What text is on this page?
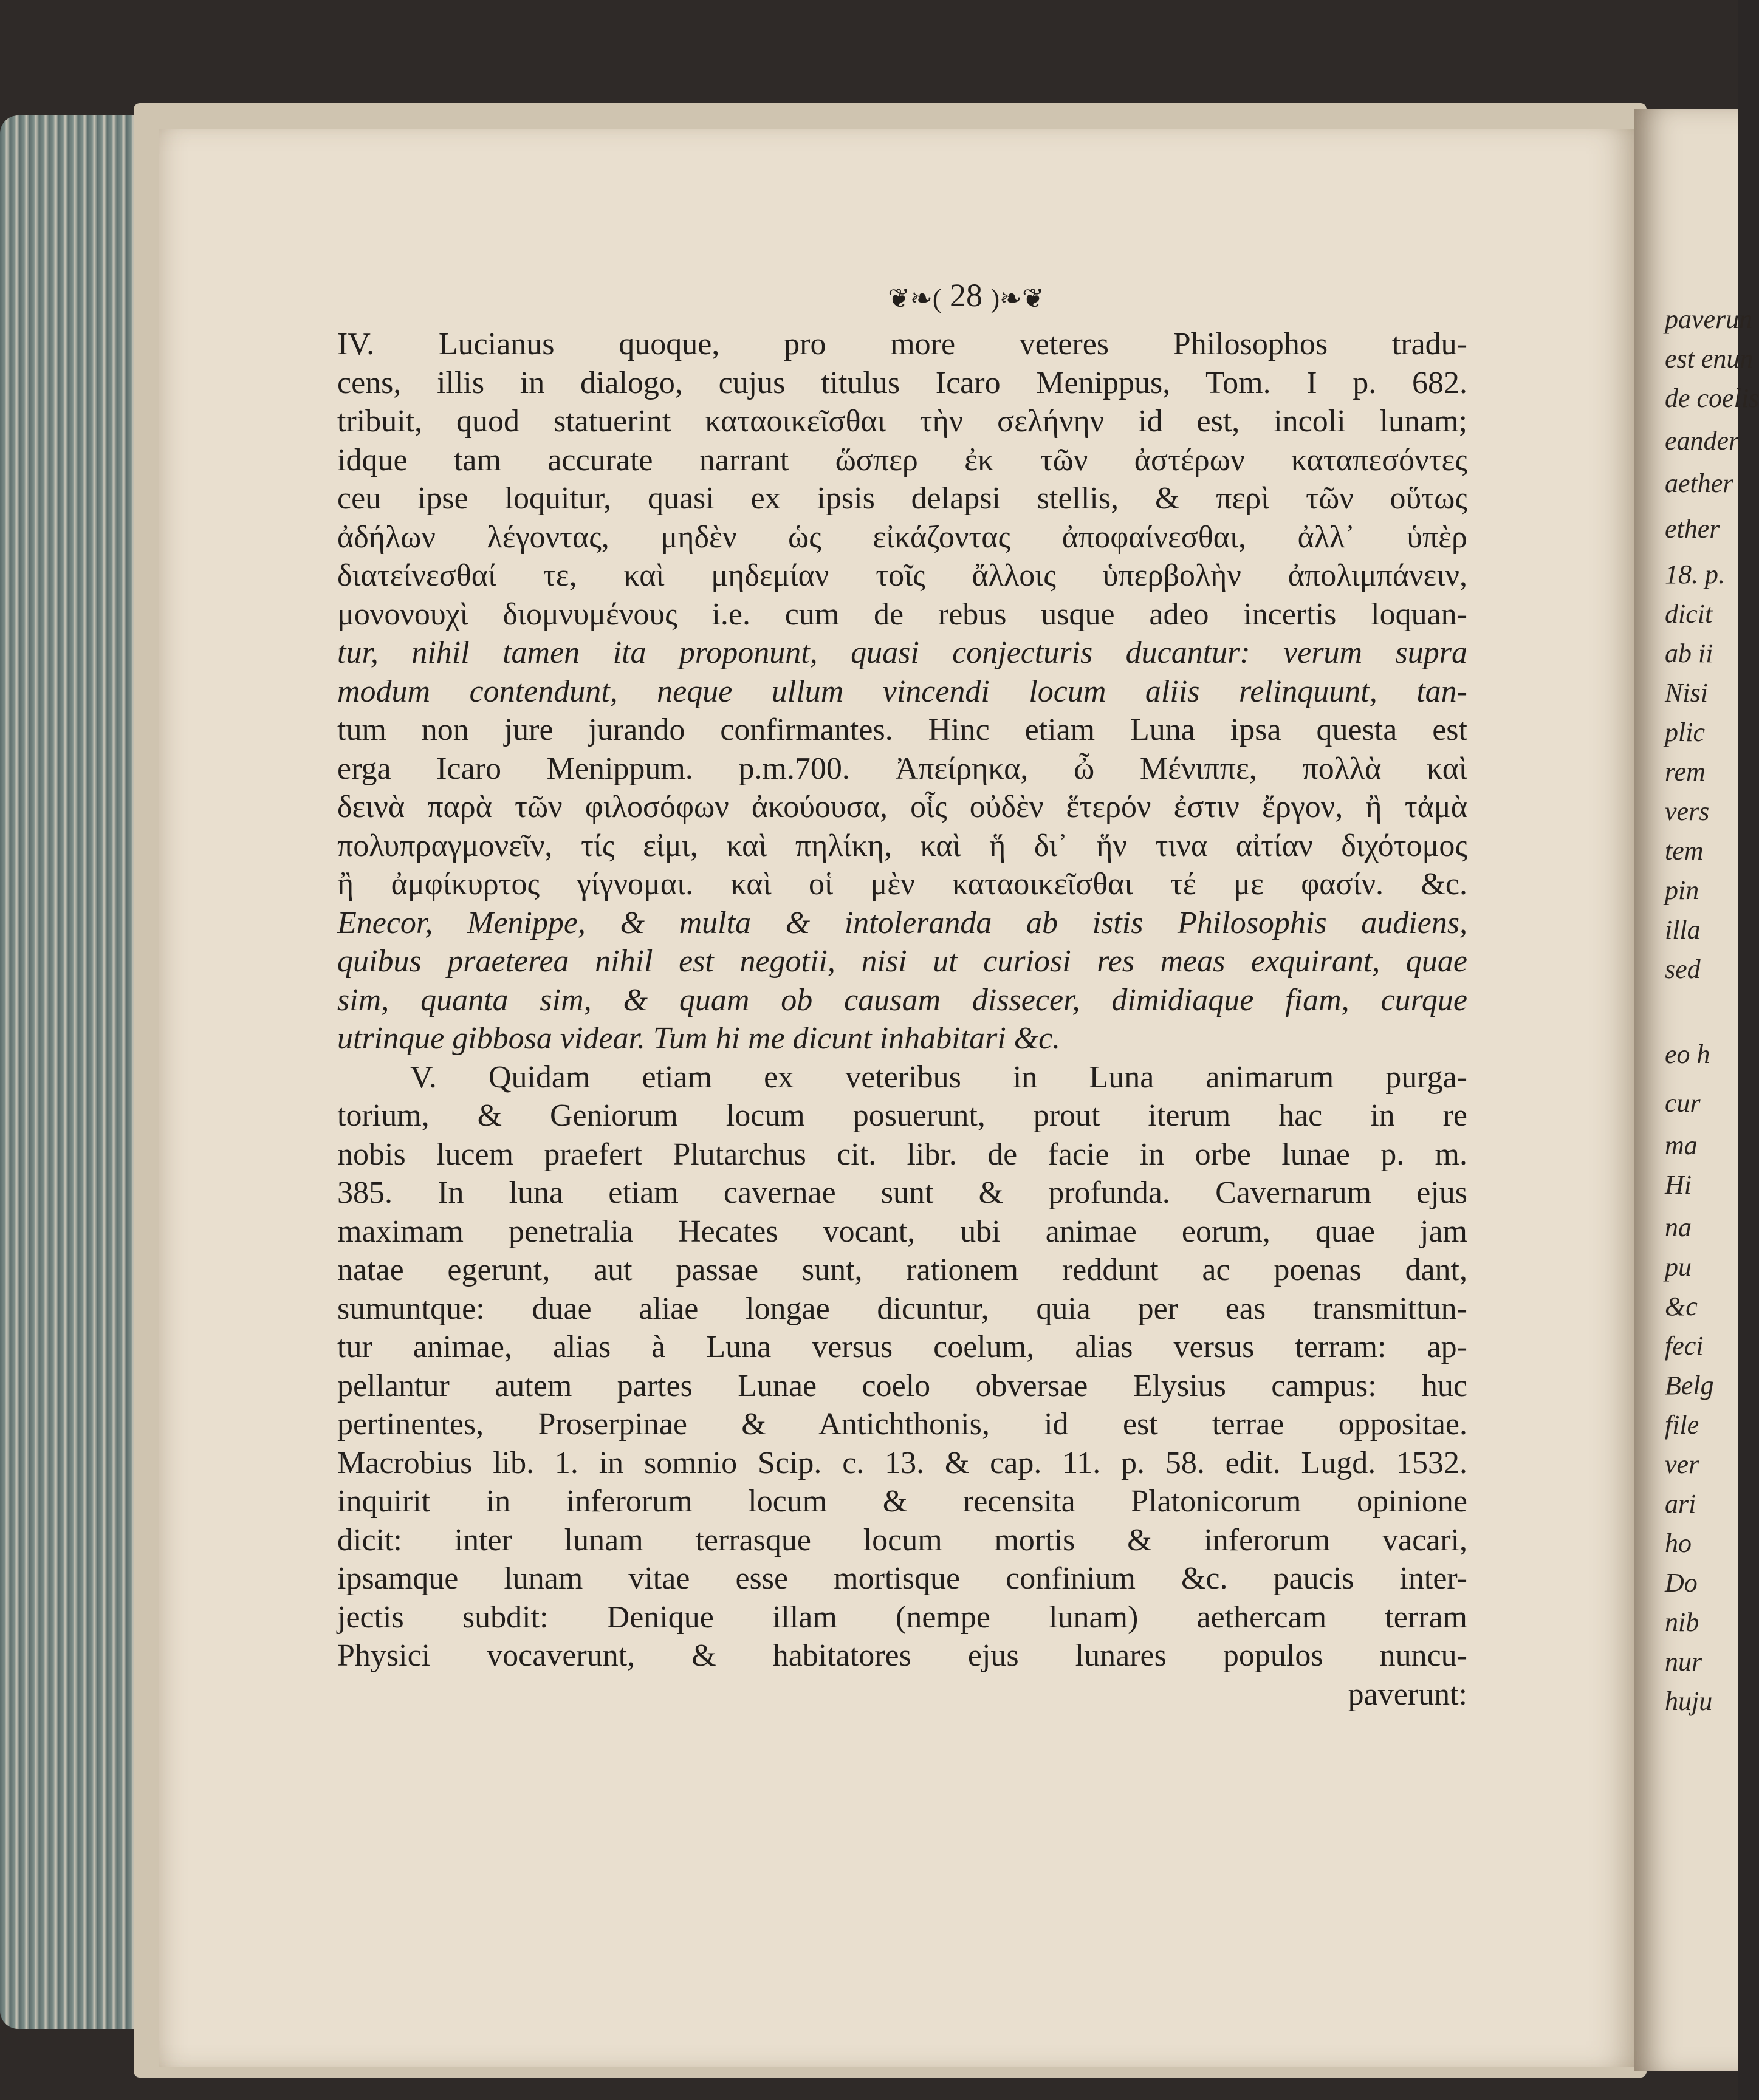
❦❧( 28 )❧❦
IV. Lucianus quoque, pro more veteres Philosophos tradu-
cens, illis in dialogo, cujus titulus Icaro Menippus, Tom. I p. 682.
tribuit, quod statuerint καταοικεῖσθαι τὴν σελήνην id est, incoli lunam;
idque tam accurate narrant ὥσπερ ἐκ τῶν ἀστέρων καταπεσόντες
ceu ipse loquitur, quasi ex ipsis delapsi stellis, & περὶ τῶν οὕτως
ἀδήλων λέγοντας, μηδὲν ὡς εἰκάζοντας ἀποφαίνεσθαι, ἀλλ᾽ ὑπὲρ
διατείνεσθαί τε, καὶ μηδεμίαν τοῖς ἄλλοις ὑπερβολὴν ἀπολιμπάνειν,
μονονουχὶ διομνυμένους i.e. cum de rebus usque adeo incertis loquan-
tur, nihil tamen ita proponunt, quasi conjecturis ducantur: verum supra
modum contendunt, neque ullum vincendi locum aliis relinquunt, tan-
tum non jure jurando confirmantes. Hinc etiam Luna ipsa questa est
erga Icaro Menippum. p.m.700. Ἀπείρηκα, ὦ Μένιππε, πολλὰ καὶ
δεινὰ παρὰ τῶν φιλοσόφων ἀκούουσα, οἷς οὐδὲν ἕτερόν ἐστιν ἔργον, ἢ τἀμὰ
πολυπραγμονεῖν, τίς εἰμι, καὶ πηλίκη, καὶ ἥ δι᾽ ἥν τινα αἰτίαν διχότομος
ἢ ἀμφίκυρτος γίγνομαι. καὶ οἱ μὲν καταοικεῖσθαι τέ με φασίν. &c.
Enecor, Menippe, & multa & intoleranda ab istis Philosophis audiens,
quibus praeterea nihil est negotii, nisi ut curiosi res meas exquirant, quae
sim, quanta sim, & quam ob causam dissecer, dimidiaque fiam, curque
utrinque gibbosa videar. Tum hi me dicunt inhabitari &c.
V. Quidam etiam ex veteribus in Luna animarum purga-
torium, & Geniorum locum posuerunt, prout iterum hac in re
nobis lucem praefert Plutarchus cit. libr. de facie in orbe lunae p. m.
385. In luna etiam cavernae sunt & profunda. Cavernarum ejus
maximam penetralia Hecates vocant, ubi animae eorum, quae jam
natae egerunt, aut passae sunt, rationem reddunt ac poenas dant,
sumuntque: duae aliae longae dicuntur, quia per eas transmittun-
tur animae, alias à Luna versus coelum, alias versus terram: ap-
pellantur autem partes Lunae coelo obversae Elysius campus: huc
pertinentes, Proserpinae & Antichthonis, id est terrae oppositae.
Macrobius lib. 1. in somnio Scip. c. 13. & cap. 11. p. 58. edit. Lugd. 1532.
inquirit in inferorum locum & recensita Platonicorum opinione
dicit: inter lunam terrasque locum mortis & inferorum vacari,
ipsamque lunam vitae esse mortisque confinium &c. paucis inter-
jectis subdit: Denique illam (nempe lunam) aethercam terram
Physici vocaverunt, & habitatores ejus lunares populos nuncu-
paverunt:
paverun
est enun
de coelis
eander
aether
ether
18. p.
dicit
ab ii
Nisi
plic
rem
vers
tem
pin
illa
sed
eo h
cur
ma
Hi
na
pu
&c
feci
Belg
file
ver
ari
ho
Do
nib
nur
huju
